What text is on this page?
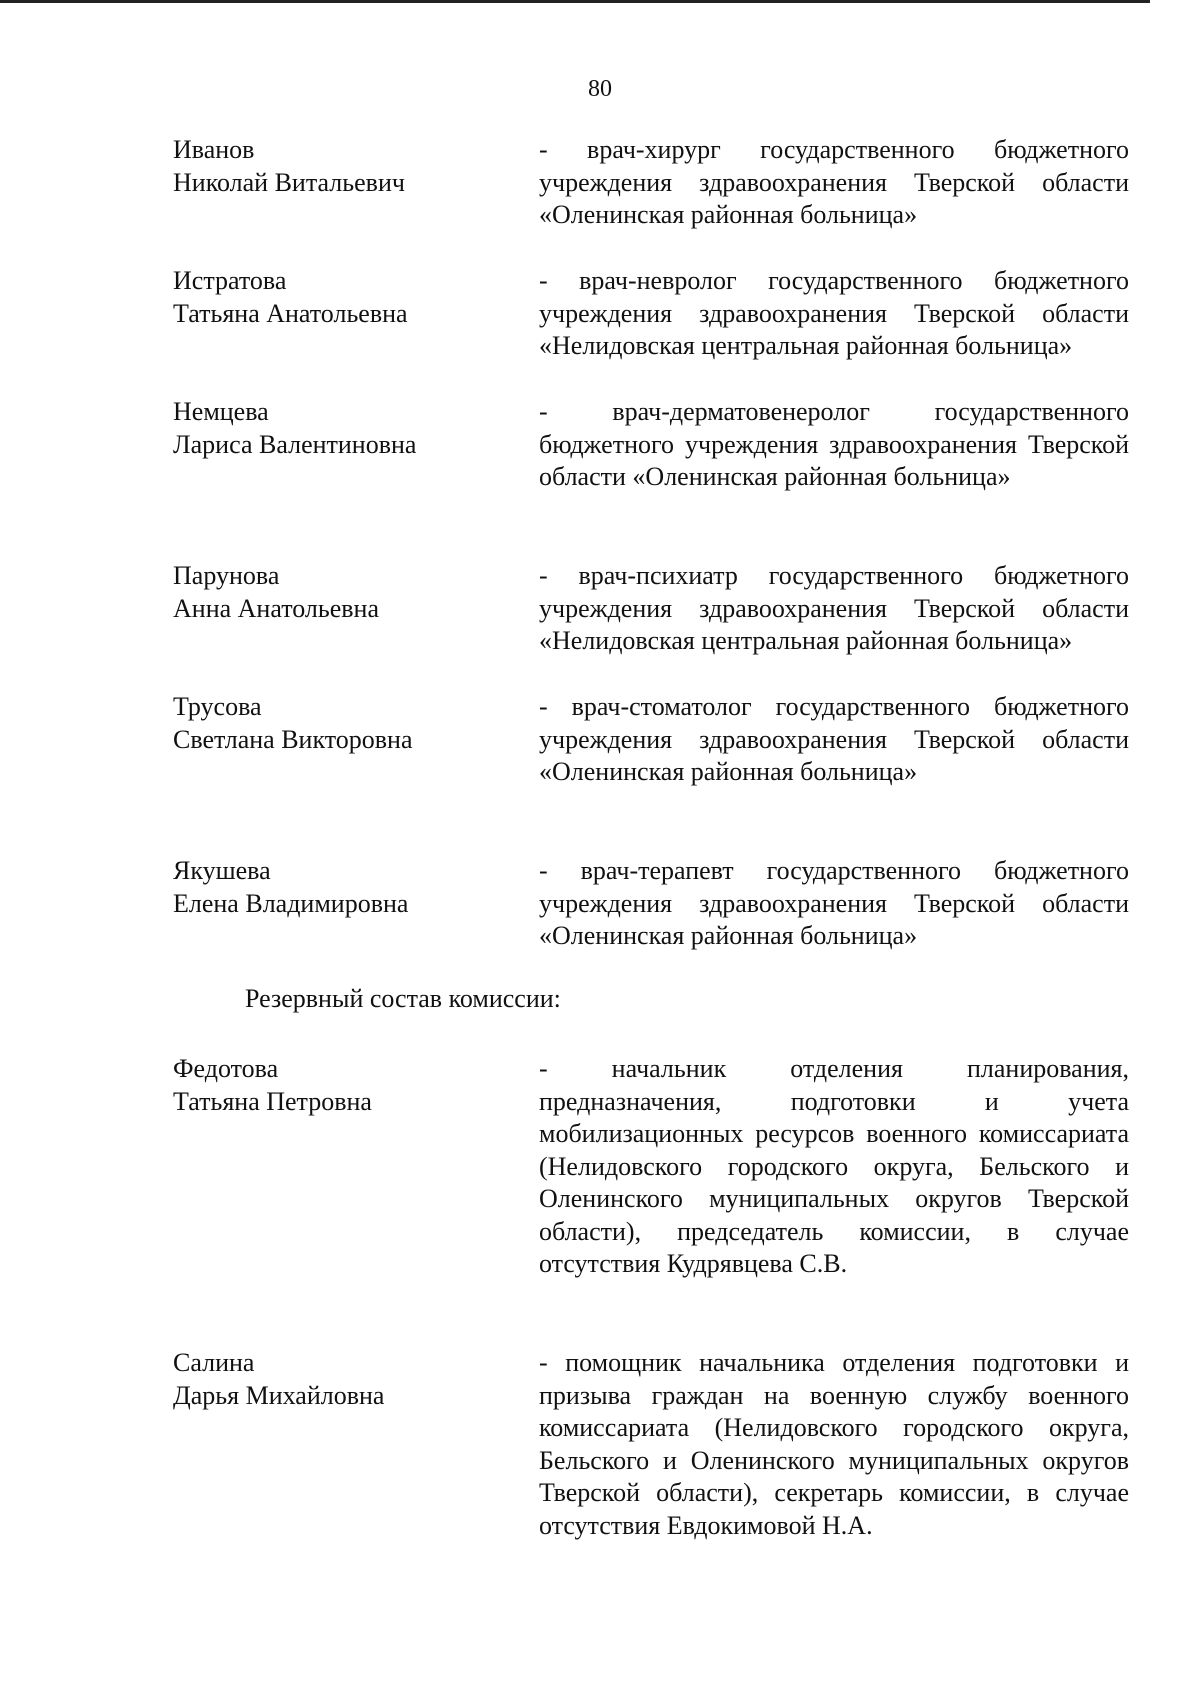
80
Иванов
Николай Витальевич
- врач-хирург государственного бюджетного учреждения здравоохранения Тверской области «Оленинская районная больница»
Истратова
Татьяна Анатольевна
- врач-невролог государственного бюджетного учреждения здравоохранения Тверской области «Нелидовская центральная районная больница»
Немцева
Лариса Валентиновна
- врач-дерматовенеролог государственного бюджетного учреждения здравоохранения Тверской области «Оленинская районная больница»
Парунова
Анна Анатольевна
- врач-психиатр государственного бюджетного учреждения здравоохранения Тверской области «Нелидовская центральная районная больница»
Трусова
Светлана Викторовна
- врач-стоматолог государственного бюджетного учреждения здравоохранения Тверской области «Оленинская районная больница»
Якушева
Елена Владимировна
- врач-терапевт государственного бюджетного учреждения здравоохранения Тверской области «Оленинская районная больница»
Резервный состав комиссии:
Федотова
Татьяна Петровна
- начальник отделения планирования, предназначения, подготовки и учета мобилизационных ресурсов военного комиссариата (Нелидовского городского округа, Бельского и Оленинского муниципальных округов Тверской области), председатель комиссии, в случае отсутствия Кудрявцева С.В.
Салина
Дарья Михайловна
- помощник начальника отделения подготовки и призыва граждан на военную службу военного комиссариата (Нелидовского городского округа, Бельского и Оленинского муниципальных округов Тверской области), секретарь комиссии, в случае отсутствия Евдокимовой Н.А.
